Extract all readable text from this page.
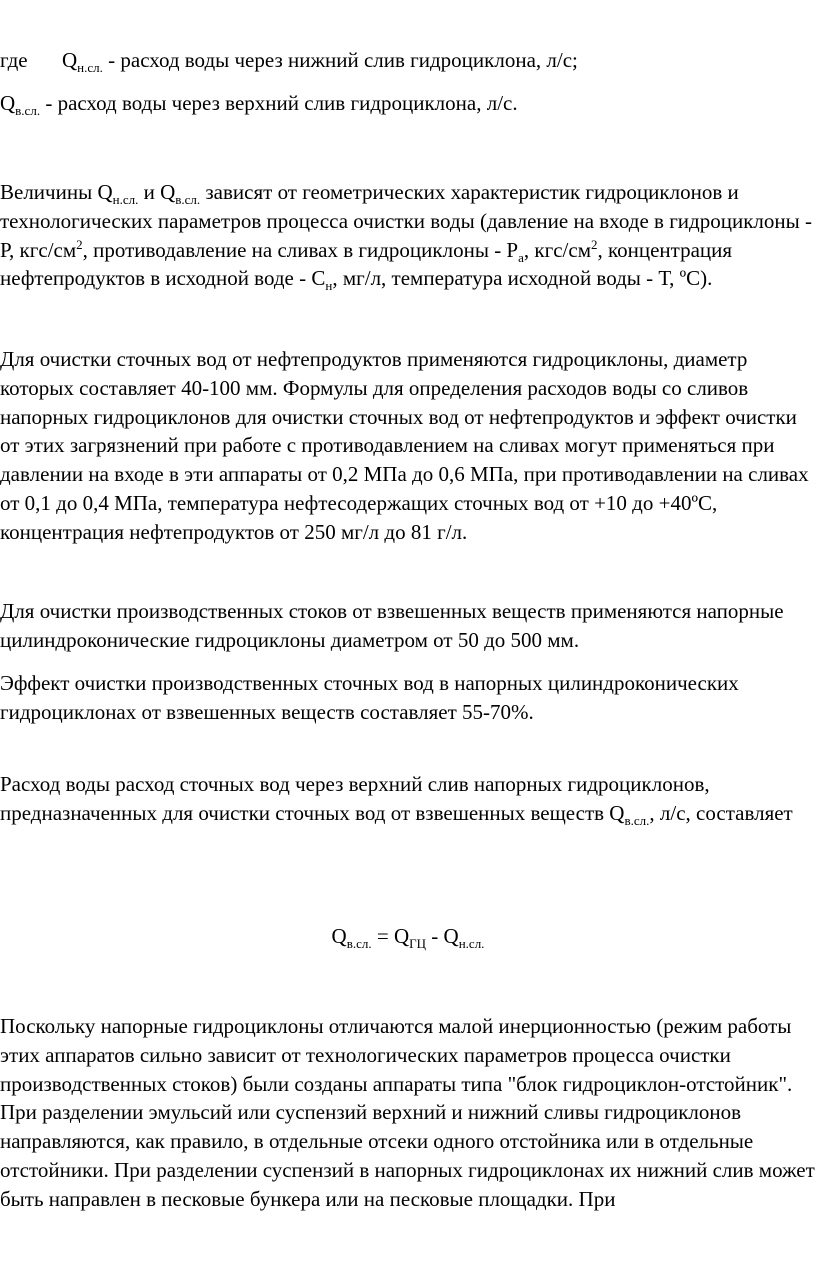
где $Q_{н.сл.}$ - расход воды через нижний слив гидроциклона, л/с;

$Q_{в.сл.}$ - расход воды через верхний слив гидроциклона, л/с.

Величины $Q_{н.сл.}$ и $Q_{в.сл.}$ зависят от геометрических характеристик гидроциклонов и технологических параметров процесса очистки воды (давление на входе в гидроциклоны - Р, кгс/$см^2$, противодавление на сливах в гидроциклоны - $Р_а$, кгс/$см^2$, концентрация нефтепродуктов в исходной воде - $С_н$, мг/л, температура исходной воды - Т, ºС).

Для очистки сточных вод от нефтепродуктов применяются гидроциклоны, диаметр которых составляет 40-100 мм. Формулы для определения расходов воды со сливов напорных гидроциклонов для очистки сточных вод от нефтепродуктов и эффект очистки от этих загрязнений при работе с противодавлением на сливах могут применяться при давлении на входе в эти аппараты от 0,2 МПа до 0,6 МПа, при противодавлении на сливах от 0,1 до 0,4 МПа, температура нефтесодержащих сточных вод от +10 до +40ºС, концентрация нефтепродуктов от 250 мг/л до 81 г/л.

Для очистки производственных стоков от взвешенных веществ применяются напорные цилиндроконические гидроциклоны диаметром от 50 до 500 мм.

Эффект очистки производственных сточных вод в напорных цилиндроконических гидроциклонах от взвешенных веществ составляет 55-70%.

Расход воды расход сточных вод через верхний слив напорных гидроциклонов, предназначенных для очистки сточных вод от взвешенных веществ $Q_{в.сл.}$, л/с, составляет

$Q_{в.сл.} = Q_{ГЦ} - Q_{н.сл.}$

Поскольку напорные гидроциклоны отличаются малой инерционностью (режим работы этих аппаратов сильно зависит от технологических параметров процесса очистки производственных стоков) были созданы аппараты типа "блок гидроциклон-отстойник". При разделении эмульсий или суспензий верхний и нижний сливы гидроциклонов направляются, как правило, в отдельные отсеки одного отстойника или в отдельные отстойники. При разделении суспензий в напорных гидроциклонах их нижний слив может быть направлен в песковые бункера или на песковые площадки. При
